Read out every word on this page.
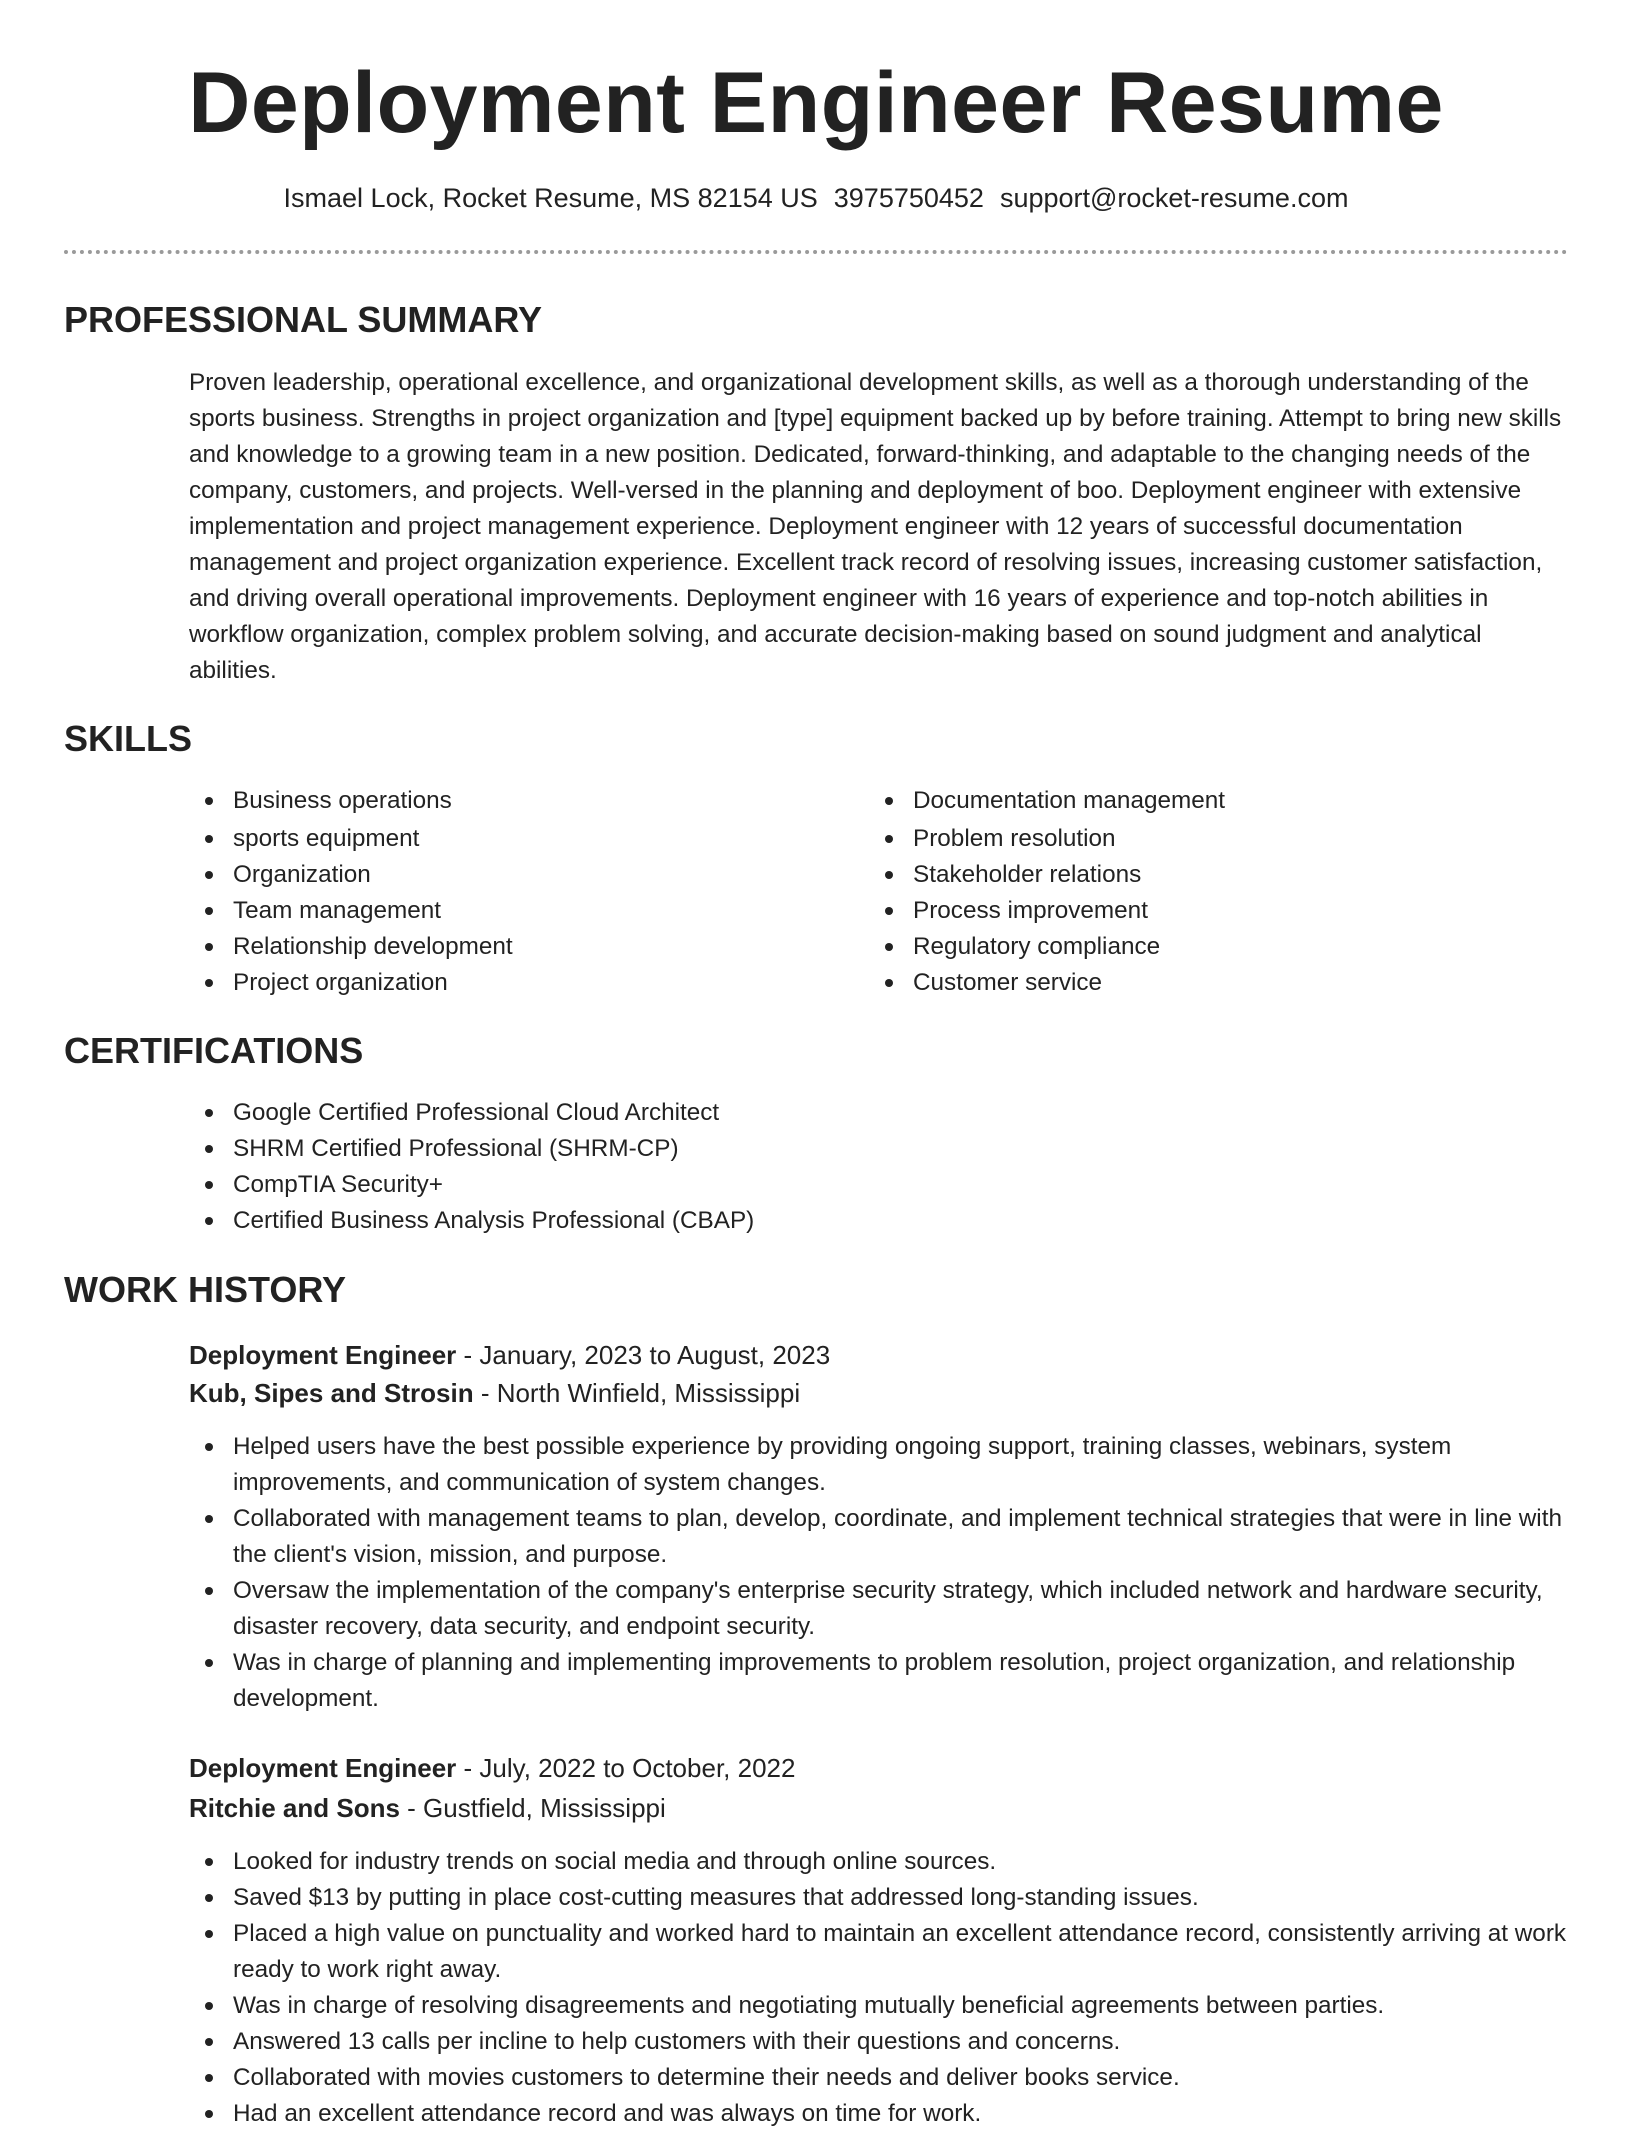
Deployment Engineer Resume
Ismael Lock, Rocket Resume, MS 82154 US 3975750452 support@rocket-resume.com
PROFESSIONAL SUMMARY

Proven leadership, operational excellence, and organizational development skills, as well as a thorough understanding of the sports business. Strengths in project organization and [type] equipment backed up by before training. Attempt to bring new skills and knowledge to a growing team in a new position. Dedicated, forward-thinking, and adaptable to the changing needs of the company, customers, and projects. Well-versed in the planning and deployment of boo. Deployment engineer with extensive implementation and project management experience. Deployment engineer with 12 years of successful documentation management and project organization experience. Excellent track record of resolving issues, increasing customer satisfaction, and driving overall operational improvements. Deployment engineer with 16 years of experience and top-notch abilities in workflow organization, complex problem solving, and accurate decision-making based on sound judgment and analytical abilities.

SKILLS
Business operations
sports equipment
Organization
Team management
Relationship development
Project organization
Documentation management
Problem resolution
Stakeholder relations
Process improvement
Regulatory compliance
Customer service
CERTIFICATIONS
Google Certified Professional Cloud Architect
SHRM Certified Professional (SHRM-CP)
CompTIA Security+
Certified Business Analysis Professional (CBAP)
WORK HISTORY
Deployment Engineer - January, 2023 to August, 2023
Kub, Sipes and Strosin - North Winfield, Mississippi
Helped users have the best possible experience by providing ongoing support, training classes, webinars, system improvements, and communication of system changes.
Collaborated with management teams to plan, develop, coordinate, and implement technical strategies that were in line with the client's vision, mission, and purpose.
Oversaw the implementation of the company's enterprise security strategy, which included network and hardware security, disaster recovery, data security, and endpoint security.
Was in charge of planning and implementing improvements to problem resolution, project organization, and relationship development.
Deployment Engineer - July, 2022 to October, 2022
Ritchie and Sons - Gustfield, Mississippi
Looked for industry trends on social media and through online sources.
Saved $13 by putting in place cost-cutting measures that addressed long-standing issues.
Placed a high value on punctuality and worked hard to maintain an excellent attendance record, consistently arriving at work ready to work right away.
Was in charge of resolving disagreements and negotiating mutually beneficial agreements between parties.
Answered 13 calls per incline to help customers with their questions and concerns.
Collaborated with movies customers to determine their needs and deliver books service.
Had an excellent attendance record and was always on time for work.
